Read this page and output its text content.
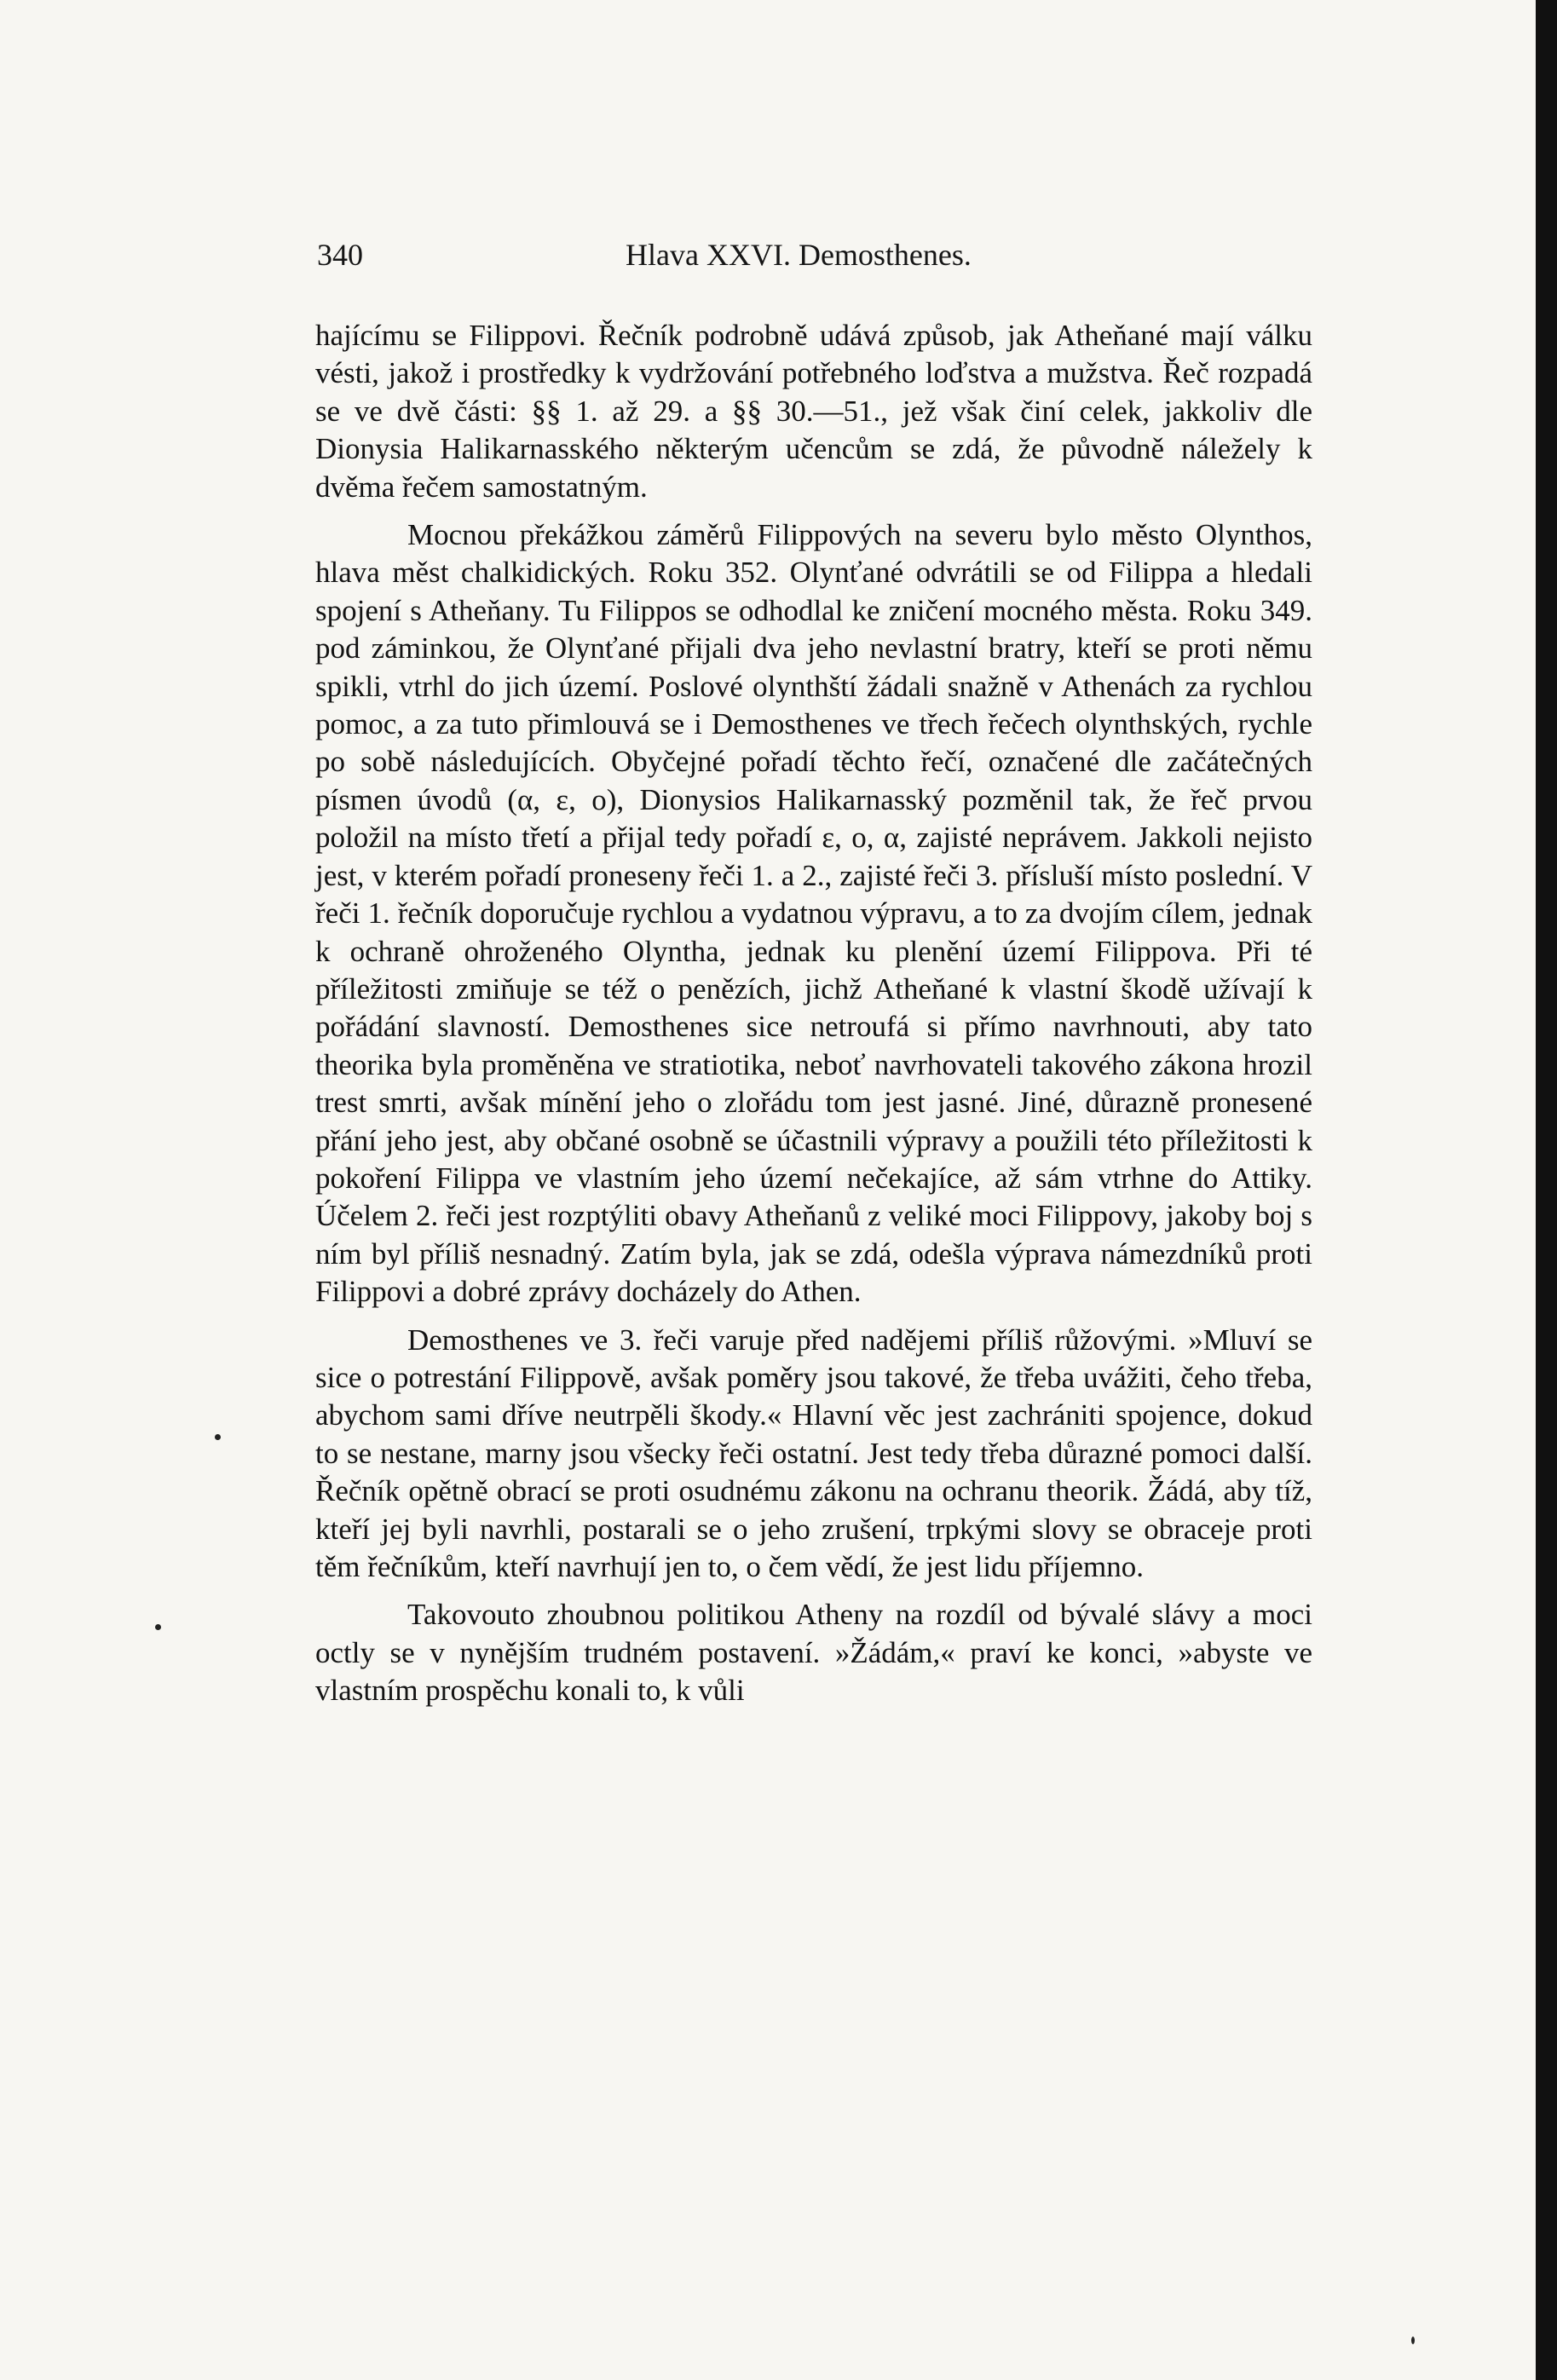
340	Hlava XXVI. Demosthenes.

hajícímu se Filippovi. Řečník podrobně udává způsob, jak Atheňané mají válku vésti, jakož i prostředky k vydržování potřebného loďstva a mužstva. Řeč rozpadá se ve dvě části: §§ 1. až 29. a §§ 30.—51., jež však činí celek, jakkoliv dle Dionysia Halikarnasského některým učencům se zdá, že původně náležely k dvěma řečem samostatným.

Mocnou překážkou záměrů Filippových na severu bylo město Olynthos, hlava měst chalkidických. Roku 352. Olynťané odvrátili se od Filippa a hledali spojení s Atheňany. Tu Filippos se odhodlal ke zničení mocného města. Roku 349. pod záminkou, že Olynťané přijali dva jeho nevlastní bratry, kteří se proti němu spikli, vtrhl do jich území. Poslové olynthští žádali snažně v Athenách za rychlou pomoc, a za tuto přimlouvá se i Demosthenes ve třech řečech olynthských, rychle po sobě následujících. Obyčejné pořadí těchto řečí, označené dle začátečných písmen úvodů (α, ε, ο), Dionysios Halikarnasský pozměnil tak, že řeč prvou položil na místo třetí a přijal tedy pořadí ε, ο, α, zajisté neprávem. Jakkoli nejisto jest, v kterém pořadí proneseny řeči 1. a 2., zajisté řeči 3. přísluší místo poslední. V řeči 1. řečník doporučuje rychlou a vydatnou výpravu, a to za dvojím cílem, jednak k ochraně ohroženého Olyntha, jednak ku plenění území Filippova. Při té příležitosti zmiňuje se též o penězích, jichž Atheňané k vlastní škodě užívají k pořádání slavností. Demosthenes sice netroufá si přímo navrhnouti, aby tato theorika byla proměněna ve stratiotika, neboť navrhovateli takového zákona hrozil trest smrti, avšak mínění jeho o zlořádu tom jest jasné. Jiné, důrazně pronesené přání jeho jest, aby občané osobně se účastnili výpravy a použili této příležitosti k pokoření Filippa ve vlastním jeho území nečekajíce, až sám vtrhne do Attiky. Účelem 2. řeči jest rozptýliti obavy Atheňanů z veliké moci Filippovy, jakoby boj s ním byl příliš nesnadný. Zatím byla, jak se zdá, odešla výprava námezdníků proti Filippovi a dobré zprávy docházely do Athen.

Demosthenes ve 3. řeči varuje před nadějemi příliš růžovými. »Mluví se sice o potrestání Filippově, avšak poměry jsou takové, že třeba uvážiti, čeho třeba, abychom sami dříve neutrpěli škody.« Hlavní věc jest zachrániti spojence, dokud to se nestane, marny jsou všecky řeči ostatní. Jest tedy třeba důrazné pomoci další. Řečník opětně obrací se proti osudnému zákonu na ochranu theorik. Žádá, aby tíž, kteří jej byli navrhli, postarali se o jeho zrušení, trpkými slovy se obraceje proti těm řečníkům, kteří navrhují jen to, o čem vědí, že jest lidu příjemno.

Takovouto zhoubnou politikou Atheny na rozdíl od bývalé slávy a moci octly se v nynějším trudném postavení. »Žádám,« praví ke konci, »abyste ve vlastním prospěchu konali to, k vůli
